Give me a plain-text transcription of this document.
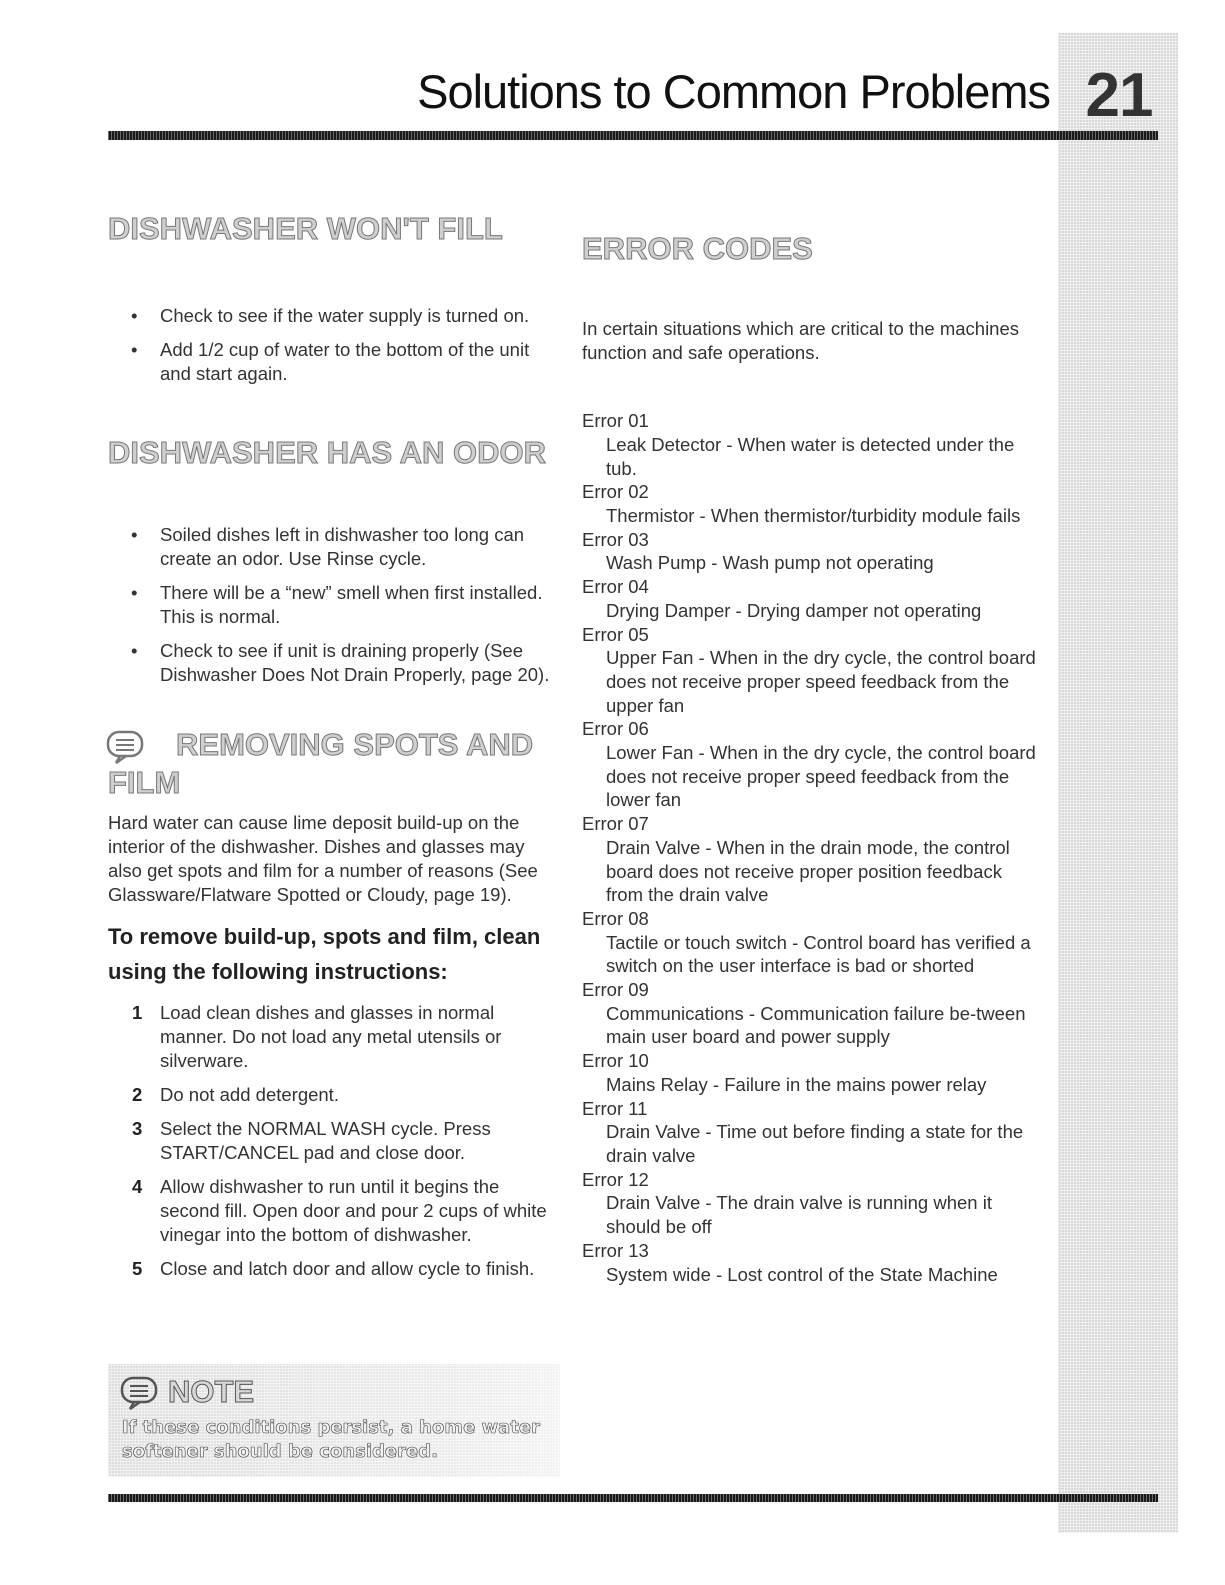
21
Solutions to Common Problems
DISHWASHER WON'T FILL
• Check to see if the water supply is turned on.
• Add 1/2 cup of water to the bottom of the unit and start again.
DISHWASHER HAS AN ODOR
• Soiled dishes left in dishwasher too long can create an odor. Use Rinse cycle.
• There will be a “new” smell when first installed. This is normal.
• Check to see if unit is draining properly (See Dishwasher Does Not Drain Properly, page 20).
REMOVING SPOTS AND
FILM

Hard water can cause lime deposit build-up on the interior of the dishwasher. Dishes and glasses may also get spots and film for a number of reasons (See Glassware/Flatware Spotted or Cloudy, page 19).

To remove build-up, spots and film, clean using the following instructions:

1 Load clean dishes and glasses in normal manner. Do not load any metal utensils or silverware.
2 Do not add detergent.
3 Select the NORMAL WASH cycle. Press START/CANCEL pad and close door.
4 Allow dishwasher to run until it begins the second fill. Open door and pour 2 cups of white vinegar into the bottom of dishwasher.
5 Close and latch door and allow cycle to finish.
NOTE
If these conditions persist, a home water softener should be considered.
ERROR CODES

In certain situations which are critical to the machines function and safe operations.

Error 01
Leak Detector - When water is detected under the tub.
Error 02
Thermistor - When thermistor/turbidity module fails
Error 03
Wash Pump - Wash pump not operating
Error 04
Drying Damper - Drying damper not operating
Error 05
Upper Fan - When in the dry cycle, the control board does not receive proper speed feedback from the upper fan
Error 06
Lower Fan - When in the dry cycle, the control board does not receive proper speed feedback from the lower fan
Error 07
Drain Valve - When in the drain mode, the control board does not receive proper position feedback from the drain valve
Error 08
Tactile or touch switch - Control board has verified a switch on the user interface is bad or shorted
Error 09
Communications - Communication failure be-tween main user board and power supply
Error 10
Mains Relay - Failure in the mains power relay
Error 11
Drain Valve - Time out before finding a state for the drain valve
Error 12
Drain Valve - The drain valve is running when it should be off
Error 13
System wide - Lost control of the State Machine
